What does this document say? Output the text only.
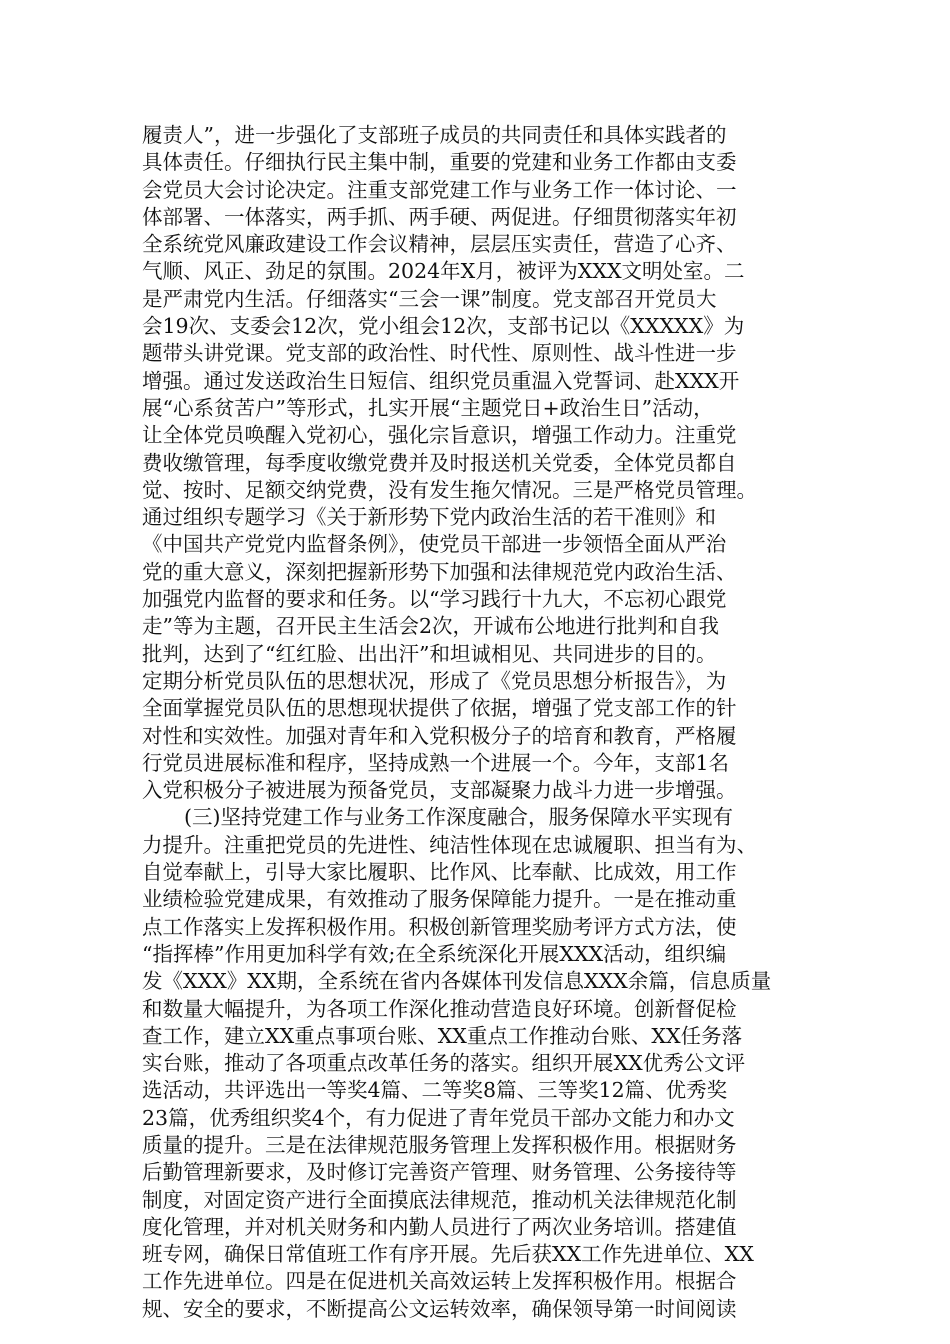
履责人”，进一步强化了支部班子成员的共同责任和具体实践者的
具体责任。仔细执行民主集中制，重要的党建和业务工作都由支委
会党员大会讨论决定。注重支部党建工作与业务工作一体讨论、一
体部署、一体落实，两手抓、两手硬、两促进。仔细贯彻落实年初
全系统党风廉政建设工作会议精神，层层压实责任，营造了心齐、
气顺、风正、劲足的氛围。2024年X月，被评为XXX文明处室。二
是严肃党内生活。仔细落实“三会一课”制度。党支部召开党员大
会19次、支委会12次，党小组会12次，支部书记以《XXXXX》为
题带头讲党课。党支部的政治性、时代性、原则性、战斗性进一步
增强。通过发送政治生日短信、组织党员重温入党誓词、赴XXX开
展“心系贫苦户”等形式，扎实开展“主题党日+政治生日”活动，
让全体党员唤醒入党初心，强化宗旨意识，增强工作动力。注重党
费收缴管理，每季度收缴党费并及时报送机关党委，全体党员都自
觉、按时、足额交纳党费，没有发生拖欠情况。三是严格党员管理。
通过组织专题学习《关于新形势下党内政治生活的若干准则》和
《中国共产党党内监督条例》，使党员干部进一步领悟全面从严治
党的重大意义，深刻把握新形势下加强和法律规范党内政治生活、
加强党内监督的要求和任务。以“学习践行十九大，不忘初心跟党
走”等为主题，召开民主生活会2次，开诚布公地进行批判和自我
批判，达到了“红红脸、出出汗”和坦诚相见、共同进步的目的。
定期分析党员队伍的思想状况，形成了《党员思想分析报告》，为
全面掌握党员队伍的思想现状提供了依据，增强了党支部工作的针
对性和实效性。加强对青年和入党积极分子的培育和教育，严格履
行党员进展标准和程序，坚持成熟一个进展一个。今年，支部1名
入党积极分子被进展为预备党员，支部凝聚力战斗力进一步增强。
(三)坚持党建工作与业务工作深度融合，服务保障水平实现有
力提升。注重把党员的先进性、纯洁性体现在忠诚履职、担当有为、
自觉奉献上，引导大家比履职、比作风、比奉献、比成效，用工作
业绩检验党建成果，有效推动了服务保障能力提升。一是在推动重
点工作落实上发挥积极作用。积极创新管理奖励考评方式方法，使
“指挥棒”作用更加科学有效;在全系统深化开展XXX活动，组织编
发《XXX》XX期，全系统在省内各媒体刊发信息XXX余篇，信息质量
和数量大幅提升，为各项工作深化推动营造良好环境。创新督促检
查工作，建立XX重点事项台账、XX重点工作推动台账、XX任务落
实台账，推动了各项重点改革任务的落实。组织开展XX优秀公文评
选活动，共评选出一等奖4篇、二等奖8篇、三等奖12篇、优秀奖
23篇，优秀组织奖4个，有力促进了青年党员干部办文能力和办文
质量的提升。三是在法律规范服务管理上发挥积极作用。根据财务
后勤管理新要求，及时修订完善资产管理、财务管理、公务接待等
制度，对固定资产进行全面摸底法律规范，推动机关法律规范化制
度化管理，并对机关财务和内勤人员进行了两次业务培训。搭建值
班专网，确保日常值班工作有序开展。先后获XX工作先进单位、XX
工作先进单位。四是在促进机关高效运转上发挥积极作用。根据合
规、安全的要求，不断提高公文运转效率，确保领导第一时间阅读
